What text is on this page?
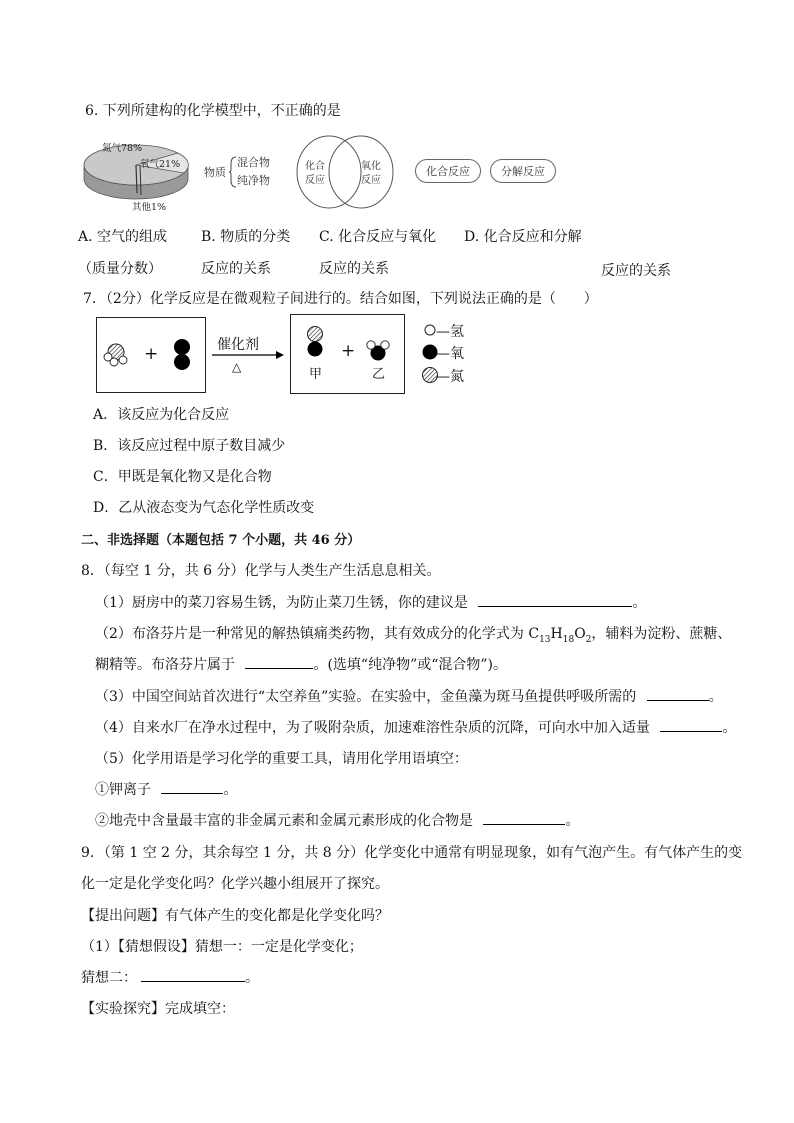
6. 下列所建构的化学模型中，不正确的是
氮气78%
氧气21%
其他1%
物质
混合物
纯净物
化合
反应
氧化
反应
化合反应	分解反应
A. 空气的组成 B. 物质的分类 C. 化合反应与氧化 D. 化合反应和分解
（质量分数）	反应的关系	反应的关系	反应的关系
7．（2分）化学反应是在微观粒子间进行的。结合如图，下列说法正确的是（　　）
+	催化剂
△
+
甲	乙
—氢
—氧
—氮
A．该反应为化合反应
B．该反应过程中原子数目减少
C．甲既是氧化物又是化合物
D．乙从液态变为气态化学性质改变
二、非选择题（本题包括 7 个小题，共 46 分）
8．（每空 1 分，共 6 分）化学与人类生产生活息息相关。
（1）厨房中的菜刀容易生锈，为防止菜刀生锈，你的建议是	。
（2）布洛芬片是一种常见的解热镇痛类药物，其有效成分的化学式为 $C_{13}H_{18}O_2$，辅料为淀粉、蔗糖、
糊精等。布洛芬片属于	。(选填“纯净物”或“混合物”)。
（3）中国空间站首次进行“太空养鱼”实验。在实验中，金鱼藻为斑马鱼提供呼吸所需的	。
（4）自来水厂在净水过程中，为了吸附杂质，加速难溶性杂质的沉降，可向水中加入适量	。
（5）化学用语是学习化学的重要工具，请用化学用语填空：
①钾离子	。
②地壳中含量最丰富的非金属元素和金属元素形成的化合物是	。
9．（第 1 空 2 分，其余每空 1 分，共 8 分）化学变化中通常有明显现象，如有气泡产生。有气体产生的变
化一定是化学变化吗？化学兴趣小组展开了探究。
【提出问题】有气体产生的变化都是化学变化吗？
（1）【猜想假设】猜想一：一定是化学变化；
猜想二：	。
【实验探究】完成填空：
